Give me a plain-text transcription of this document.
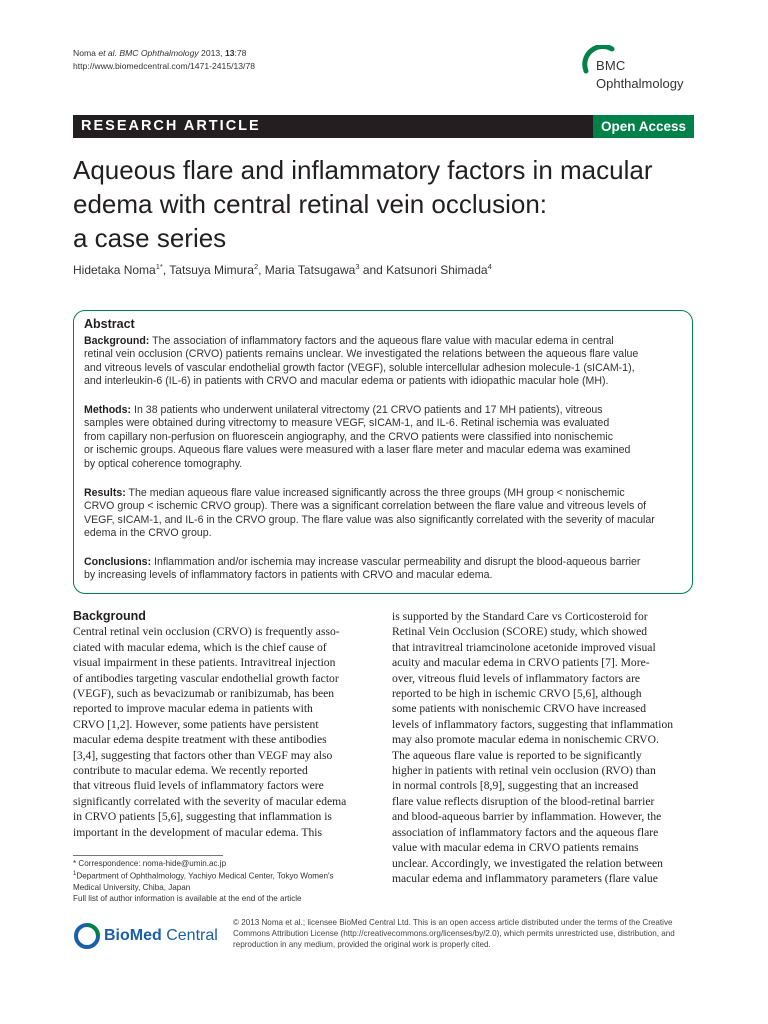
Noma et al. BMC Ophthalmology 2013, 13:78
http://www.biomedcentral.com/1471-2415/13/78	BMC
Ophthalmology
RESEARCH ARTICLE	Open Access
Aqueous flare and inflammatory factors in macular
edema with central retinal vein occlusion:
a case series
Hidetaka Noma$^{1*}$, Tatsuya Mimura$^2$, Maria Tatsugawa$^3$ and Katsunori Shimada$^4$
Abstract
Background: The association of inflammatory factors and the aqueous flare value with macular edema in central
retinal vein occlusion (CRVO) patients remains unclear. We investigated the relations between the aqueous flare value
and vitreous levels of vascular endothelial growth factor (VEGF), soluble intercellular adhesion molecule-1 (sICAM-1),
and interleukin-6 (IL-6) in patients with CRVO and macular edema or patients with idiopathic macular hole (MH).
Methods: In 38 patients who underwent unilateral vitrectomy (21 CRVO patients and 17 MH patients), vitreous
samples were obtained during vitrectomy to measure VEGF, sICAM-1, and IL-6. Retinal ischemia was evaluated
from capillary non-perfusion on fluorescein angiography, and the CRVO patients were classified into nonischemic
or ischemic groups. Aqueous flare values were measured with a laser flare meter and macular edema was examined
by optical coherence tomography.
Results: The median aqueous flare value increased significantly across the three groups (MH group < nonischemic
CRVO group < ischemic CRVO group). There was a significant correlation between the flare value and vitreous levels of
VEGF, sICAM-1, and IL-6 in the CRVO group. The flare value was also significantly correlated with the severity of macular
edema in the CRVO group.
Conclusions: Inflammation and/or ischemia may increase vascular permeability and disrupt the blood-aqueous barrier
by increasing levels of inflammatory factors in patients with CRVO and macular edema.
Background
Central retinal vein occlusion (CRVO) is frequently asso-
ciated with macular edema, which is the chief cause of
visual impairment in these patients. Intravitreal injection
of antibodies targeting vascular endothelial growth factor
(VEGF), such as bevacizumab or ranibizumab, has been
reported to improve macular edema in patients with
CRVO [1,2]. However, some patients have persistent
macular edema despite treatment with these antibodies
[3,4], suggesting that factors other than VEGF may also
contribute to macular edema. We recently reported
that vitreous fluid levels of inflammatory factors were
significantly correlated with the severity of macular edema
in CRVO patients [5,6], suggesting that inflammation is
important in the development of macular edema. This
is supported by the Standard Care vs Corticosteroid for
Retinal Vein Occlusion (SCORE) study, which showed
that intravitreal triamcinolone acetonide improved visual
acuity and macular edema in CRVO patients [7]. More-
over, vitreous fluid levels of inflammatory factors are
reported to be high in ischemic CRVO [5,6], although
some patients with nonischemic CRVO have increased
levels of inflammatory factors, suggesting that inflammation
may also promote macular edema in nonischemic CRVO.
The aqueous flare value is reported to be significantly
higher in patients with retinal vein occlusion (RVO) than
in normal controls [8,9], suggesting that an increased
flare value reflects disruption of the blood-retinal barrier
and blood-aqueous barrier by inflammation. However, the
association of inflammatory factors and the aqueous flare
value with macular edema in CRVO patients remains
unclear. Accordingly, we investigated the relation between
macular edema and inflammatory parameters (flare value
* Correspondence: noma-hide@umin.ac.jp
$^1$Department of Ophthalmology, Yachiyo Medical Center, Tokyo Women's
Medical University, Chiba, Japan
Full list of author information is available at the end of the article
BioMed Central
© 2013 Noma et al.; licensee BioMed Central Ltd. This is an open access article distributed under the terms of the Creative
Commons Attribution License (http://creativecommons.org/licenses/by/2.0), which permits unrestricted use, distribution, and
reproduction in any medium, provided the original work is properly cited.
